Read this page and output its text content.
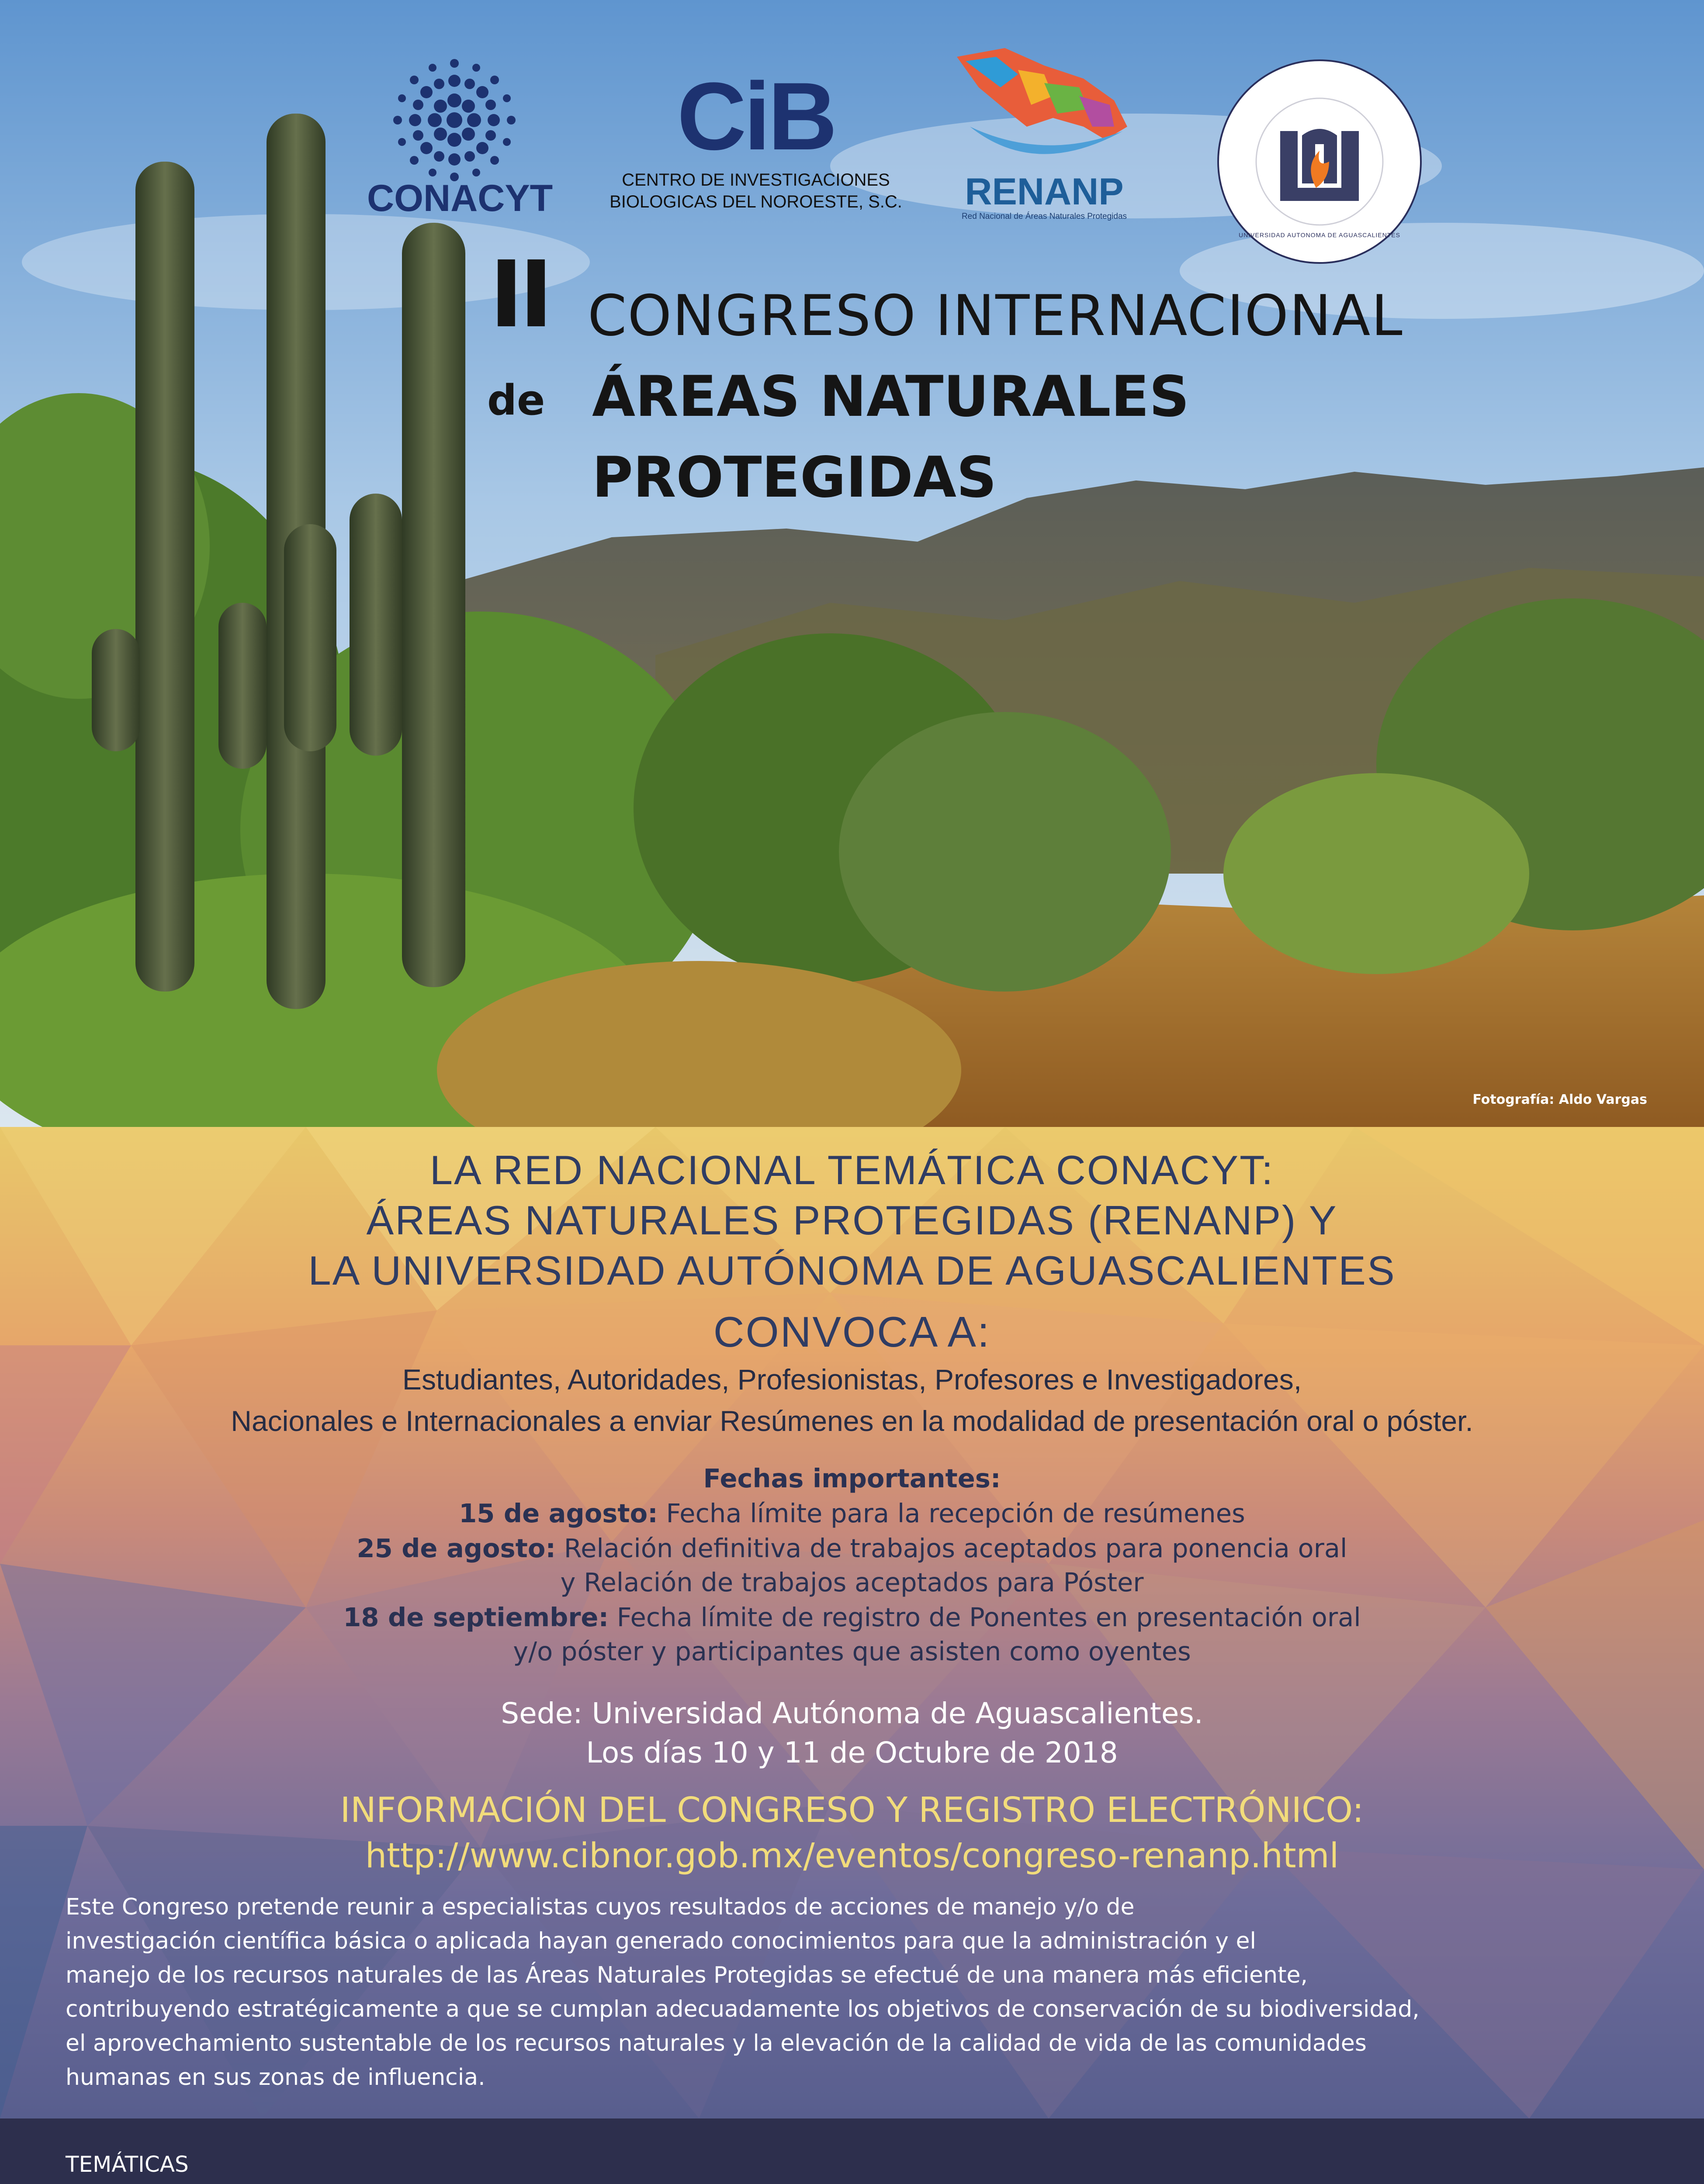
CONACYT
CiB
CENTRO DE INVESTIGACIONES
BIOLOGICAS DEL NOROESTE, S.C.	RENANP
Red Nacional de Áreas Naturales Protegidas
UNIVERSIDAD AUTONOMA DE AGUASCALIENTES
II
de
CONGRESO INTERNACIONAL
ÁREAS NATURALES
PROTEGIDAS
Fotografía: Aldo Vargas
LA RED NACIONAL TEMÁTICA CONACYT:
ÁREAS NATURALES PROTEGIDAS (RENANP) Y
LA UNIVERSIDAD AUTÓNOMA DE AGUASCALIENTES
CONVOCA A:
Estudiantes, Autoridades, Profesionistas, Profesores e Investigadores,
Nacionales e Internacionales a enviar Resúmenes en la modalidad de presentación oral o póster.
Fechas importantes:
15 de agosto: Fecha límite para la recepción de resúmenes
25 de agosto: Relación definitiva de trabajos aceptados para ponencia oral
y Relación de trabajos aceptados para Póster
18 de septiembre: Fecha límite de registro de Ponentes en presentación oral
y/o póster y participantes que asisten como oyentes
Sede: Universidad Autónoma de Aguascalientes.
Los días 10 y 11 de Octubre de 2018
INFORMACIÓN DEL CONGRESO Y REGISTRO ELECTRÓNICO:
http://www.cibnor.gob.mx/eventos/congreso-renanp.html
Este Congreso pretende reunir a especialistas cuyos resultados de acciones de manejo y/o de
investigación científica básica o aplicada hayan generado conocimientos para que la administración y el
manejo de los recursos naturales de las Áreas Naturales Protegidas se efectué de una manera más eficiente,
contribuyendo estratégicamente a que se cumplan adecuadamente los objetivos de conservación de su biodiversidad,
el aprovechamiento sustentable de los recursos naturales y la elevación de la calidad de vida de las comunidades
humanas en sus zonas de influencia.
TEMÁTICAS
